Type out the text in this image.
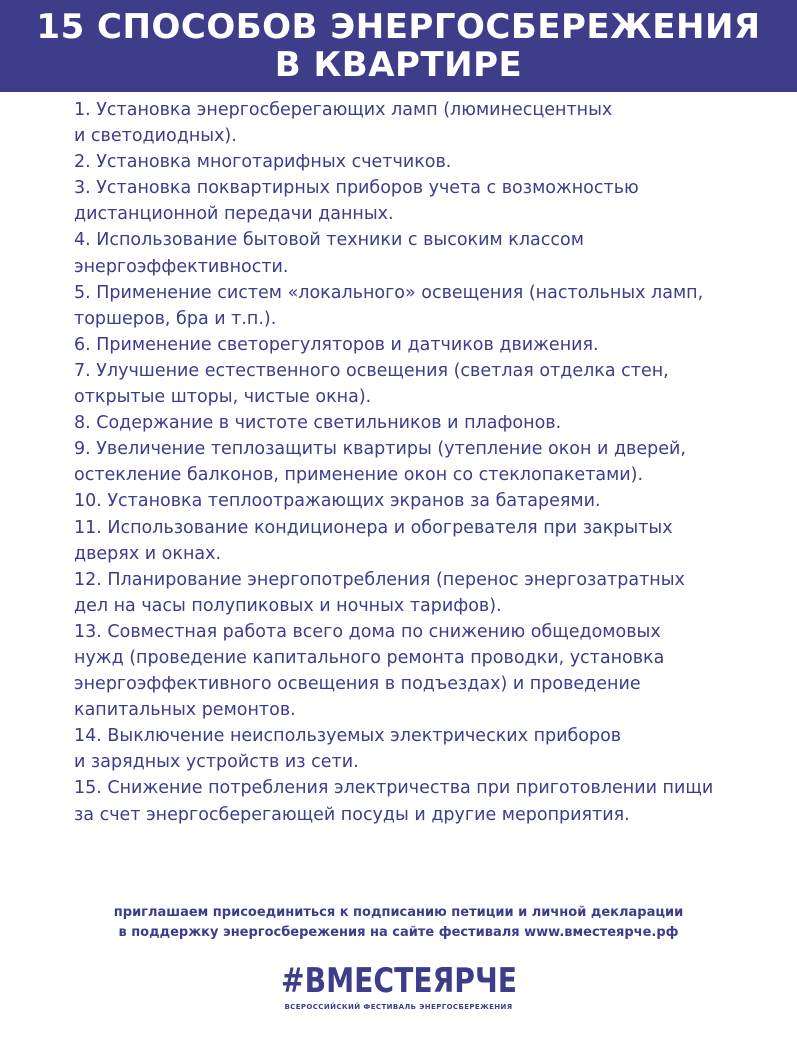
15 СПОСОБОВ ЭНЕРГОСБЕРЕЖЕНИЯ
В КВАРТИРЕ
1. Установка энергосберегающих ламп (люминесцентных
и светодиодных).
2. Установка многотарифных счетчиков.
3. Установка поквартирных приборов учета с возможностью
дистанционной передачи данных.
4. Использование бытовой техники с высоким классом
энергоэффективности.
5. Применение систем «локального» освещения (настольных ламп,
торшеров, бра и т.п.).
6. Применение светорегуляторов и датчиков движения.
7. Улучшение естественного освещения (светлая отделка стен,
открытые шторы, чистые окна).
8. Содержание в чистоте светильников и плафонов.
9. Увеличение теплозащиты квартиры (утепление окон и дверей,
остекление балконов, применение окон со стеклопакетами).
10. Установка теплоотражающих экранов за батареями.
11. Использование кондиционера и обогревателя при закрытых
дверях и окнах.
12. Планирование энергопотребления (перенос энергозатратных
дел на часы полупиковых и ночных тарифов).
13. Совместная работа всего дома по снижению общедомовых
нужд (проведение капитального ремонта проводки, установка
энергоэффективного освещения в подъездах) и проведение
капитальных ремонтов.
14. Выключение неиспользуемых электрических приборов
и зарядных устройств из сети.
15. Снижение потребления электричества при приготовлении пищи
за счет энергосберегающей посуды и другие мероприятия.
приглашаем присоединиться к подписанию петиции и личной декларации
в поддержку энергосбережения на сайте фестиваля www.вместеярче.рф
#ВМЕСТЕЯРЧЕ
ВСЕРОССИЙСКИЙ ФЕСТИВАЛЬ ЭНЕРГОСБЕРЕЖЕНИЯ
